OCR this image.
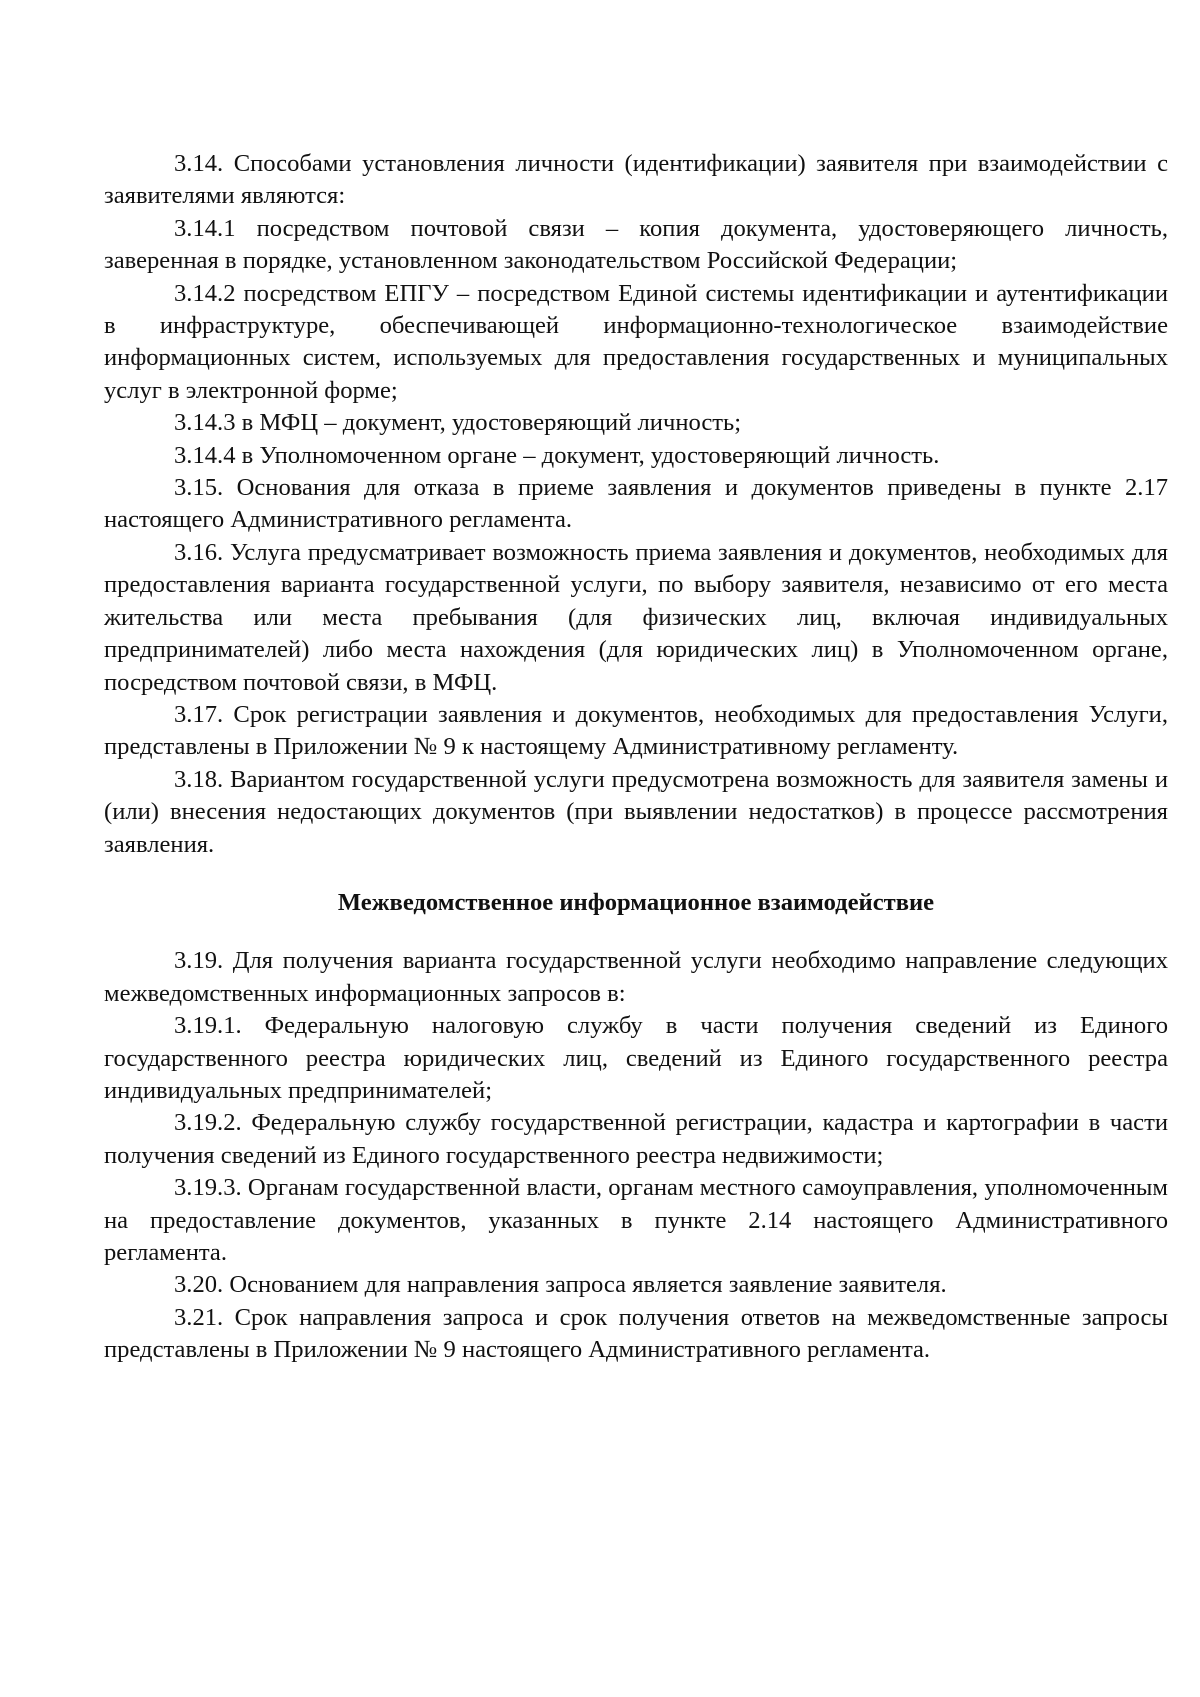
3.14. Способами установления личности (идентификации) заявителя при взаимодействии с заявителями являются:

3.14.1 посредством почтовой связи – копия документа, удостоверяющего личность, заверенная в порядке, установленном законодательством Российской Федерации;

3.14.2 посредством ЕПГУ – посредством Единой системы идентификации и аутентификации в инфраструктуре, обеспечивающей информационно-технологическое взаимодействие информационных систем, используемых для предоставления государственных и муниципальных услуг в электронной форме;

3.14.3 в МФЦ – документ, удостоверяющий личность;

3.14.4 в Уполномоченном органе – документ, удостоверяющий личность.

3.15. Основания для отказа в приеме заявления и документов приведены в пункте 2.17 настоящего Административного регламента.

3.16. Услуга предусматривает возможность приема заявления и документов, необходимых для предоставления варианта государственной услуги, по выбору заявителя, независимо от его места жительства или места пребывания (для физических лиц, включая индивидуальных предпринимателей) либо места нахождения (для юридических лиц) в Уполномоченном органе, посредством почтовой связи, в МФЦ.

3.17. Срок регистрации заявления и документов, необходимых для предоставления Услуги, представлены в Приложении № 9 к настоящему Административному регламенту.

3.18. Вариантом государственной услуги предусмотрена возможность для заявителя замены и (или) внесения недостающих документов (при выявлении недостатков) в процессе рассмотрения заявления.

Межведомственное информационное взаимодействие

3.19. Для получения варианта государственной услуги необходимо направление следующих межведомственных информационных запросов в:

3.19.1. Федеральную налоговую службу в части получения сведений из Единого государственного реестра юридических лиц, сведений из Единого государственного реестра индивидуальных предпринимателей;

3.19.2. Федеральную службу государственной регистрации, кадастра и картографии в части получения сведений из Единого государственного реестра недвижимости;

3.19.3. Органам государственной власти, органам местного самоуправления, уполномоченным на предоставление документов, указанных в пункте 2.14 настоящего Административного регламента.

3.20. Основанием для направления запроса является заявление заявителя.

3.21. Срок направления запроса и срок получения ответов на межведомственные запросы представлены в Приложении № 9 настоящего Административного регламента.
